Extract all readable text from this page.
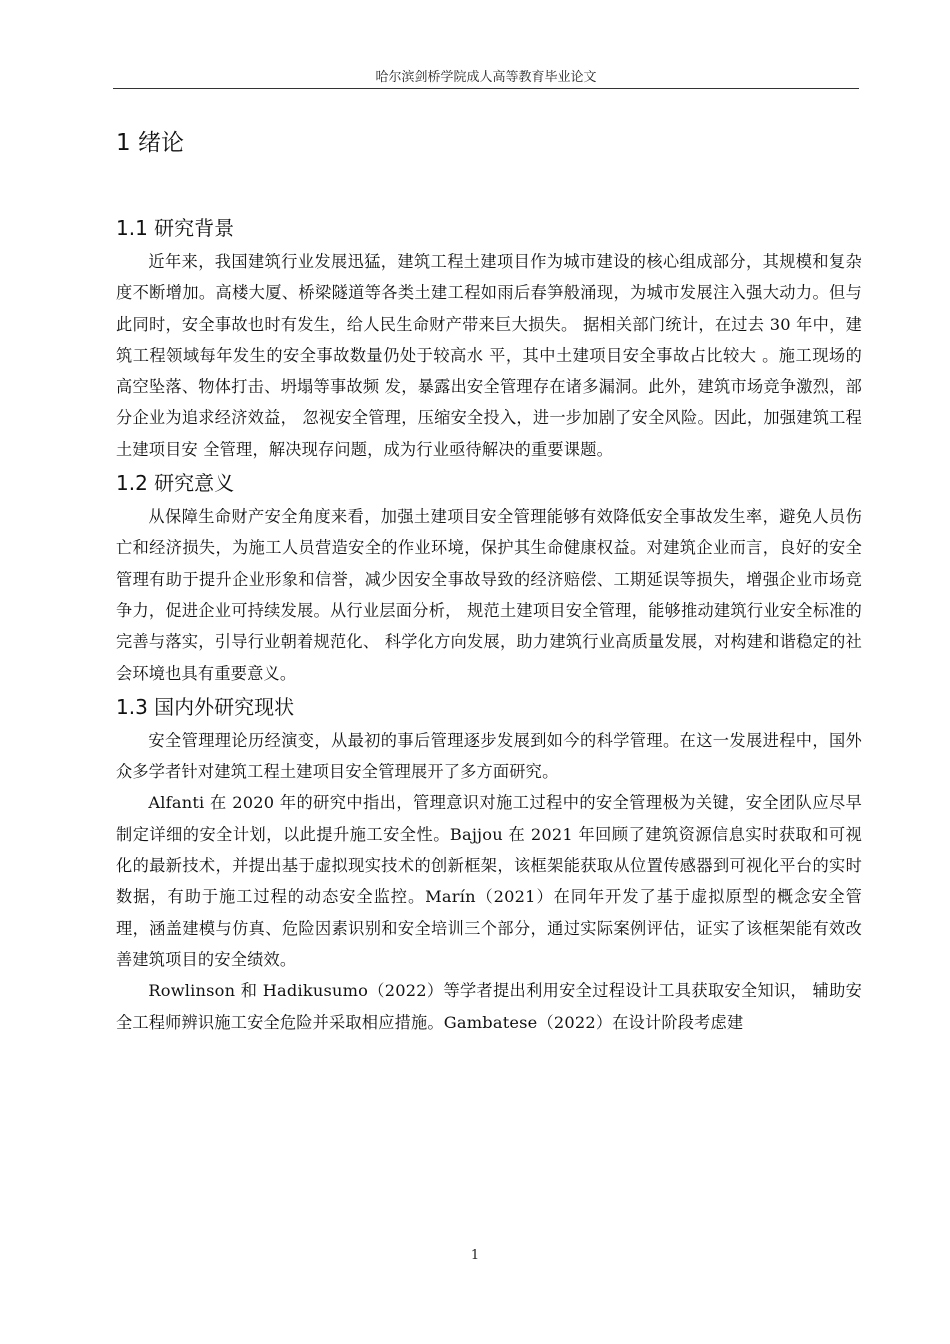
哈尔滨剑桥学院成人高等教育毕业论文
1 绪论
1.1 研究背景

近年来，我国建筑行业发展迅猛，建筑工程土建项目作为城市建设的核心组成部分，其规模和复杂度不断增加。高楼大厦、桥梁隧道等各类土建工程如雨后春笋般涌现，为城市发展注入强大动力。但与此同时，安全事故也时有发生，给人民生命财产带来巨大损失。 据相关部门统计，在过去 30 年中，建筑工程领域每年发生的安全事故数量仍处于较高水 平，其中土建项目安全事故占比较大 。施工现场的高空坠落、物体打击、坍塌等事故频 发，暴露出安全管理存在诸多漏洞。此外，建筑市场竞争激烈，部分企业为追求经济效益， 忽视安全管理，压缩安全投入，进一步加剧了安全风险。因此，加强建筑工程土建项目安 全管理，解决现存问题，成为行业亟待解决的重要课题。

1.2 研究意义

从保障生命财产安全角度来看，加强土建项目安全管理能够有效降低安全事故发生率，避免人员伤亡和经济损失，为施工人员营造安全的作业环境，保护其生命健康权益。对建筑企业而言，良好的安全管理有助于提升企业形象和信誉，减少因安全事故导致的经济赔偿、工期延误等损失，增强企业市场竞争力，促进企业可持续发展。从行业层面分析， 规范土建项目安全管理，能够推动建筑行业安全标准的完善与落实，引导行业朝着规范化、 科学化方向发展，助力建筑行业高质量发展，对构建和谐稳定的社会环境也具有重要意义。

1.3 国内外研究现状

安全管理理论历经演变，从最初的事后管理逐步发展到如今的科学管理。在这一发展进程中，国外众多学者针对建筑工程土建项目安全管理展开了多方面研究。

Alfanti 在 2020 年的研究中指出，管理意识对施工过程中的安全管理极为关键，安全团队应尽早制定详细的安全计划，以此提升施工安全性。Bajjou 在 2021 年回顾了建筑资源信息实时获取和可视化的最新技术，并提出基于虚拟现实技术的创新框架，该框架能获取从位置传感器到可视化平台的实时数据，有助于施工过程的动态安全监控。Marín（2021）在同年开发了基于虚拟原型的概念安全管理，涵盖建模与仿真、危险因素识别和安全培训三个部分，通过实际案例评估，证实了该框架能有效改善建筑项目的安全绩效。

Rowlinson 和 Hadikusumo（2022）等学者提出利用安全过程设计工具获取安全知识， 辅助安全工程师辨识施工安全危险并采取相应措施。Gambatese（2022）在设计阶段考虑建

1
